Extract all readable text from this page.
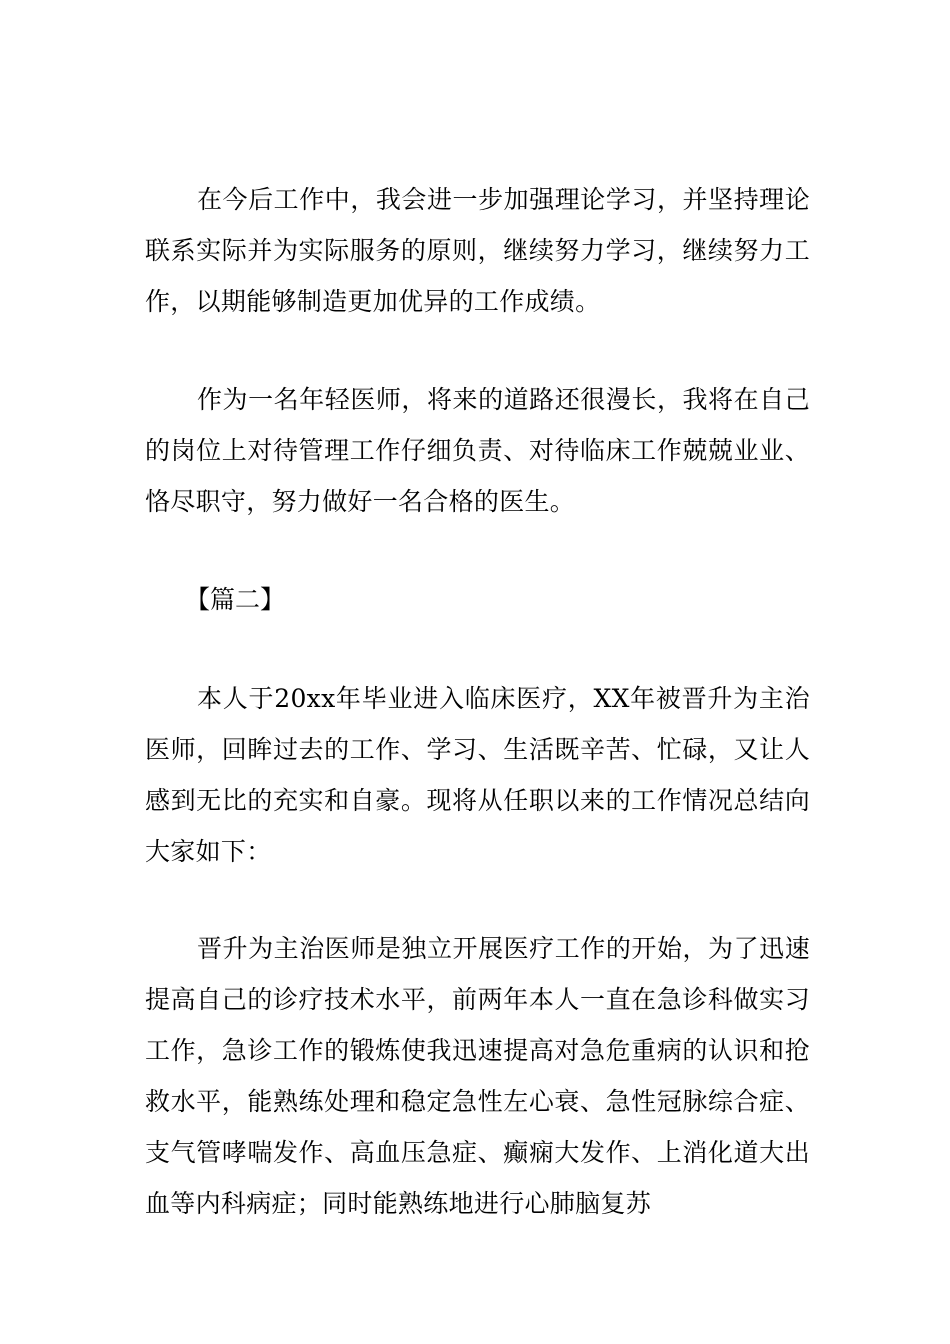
在今后工作中，我会进一步加强理论学习，并坚持理论联系实际并为实际服务的原则，继续努力学习，继续努力工作，以期能够制造更加优异的工作成绩。

作为一名年轻医师，将来的道路还很漫长，我将在自己的岗位上对待管理工作仔细负责、对待临床工作兢兢业业、恪尽职守，努力做好一名合格的医生。

【篇二】

本人于20xx年毕业进入临床医疗，XX年被晋升为主治医师，回眸过去的工作、学习、生活既辛苦、忙碌，又让人感到无比的充实和自豪。现将从任职以来的工作情况总结向大家如下：

晋升为主治医师是独立开展医疗工作的开始，为了迅速提高自己的诊疗技术水平，前两年本人一直在急诊科做实习工作，急诊工作的锻炼使我迅速提高对急危重病的认识和抢救水平，能熟练处理和稳定急性左心衰、急性冠脉综合症、支气管哮喘发作、高血压急症、癫痫大发作、上消化道大出血等内科病症；同时能熟练地进行心肺脑复苏
